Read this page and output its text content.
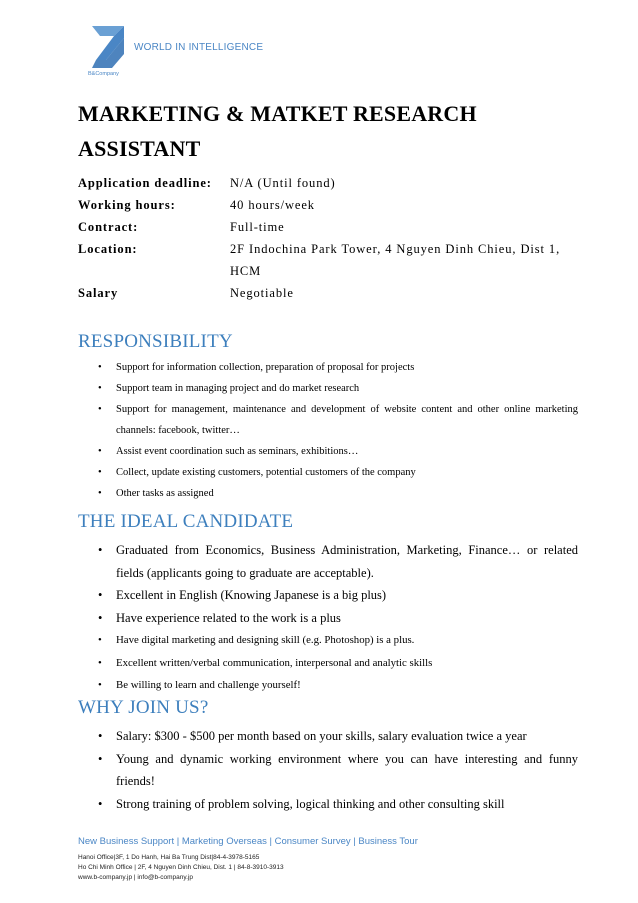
WORLD IN INTELLIGENCE
B&Company
MARKETING & MATKET RESEARCH ASSISTANT
Application deadline:	N/A (Until found)
Working hours:	40 hours/week
Contract:	Full-time
Location:	2F Indochina Park Tower, 4 Nguyen Dinh Chieu, Dist 1, HCM
Salary	Negotiable
RESPONSIBILITY
• Support for information collection, preparation of proposal for projects
• Support team in managing project and do market research
• Support for management, maintenance and development of website content and other online marketing channels: facebook, twitter…
• Assist event coordination such as seminars, exhibitions…
• Collect, update existing customers, potential customers of the company
• Other tasks as assigned
THE IDEAL CANDIDATE
• Graduated from Economics, Business Administration, Marketing, Finance… or related fields (applicants going to graduate are acceptable).
• Excellent in English (Knowing Japanese is a big plus)
• Have experience related to the work is a plus
• Have digital marketing and designing skill (e.g. Photoshop) is a plus.
• Excellent written/verbal communication, interpersonal and analytic skills
• Be willing to learn and challenge yourself!
WHY JOIN US?
• Salary: $300 - $500 per month based on your skills, salary evaluation twice a year
• Young and dynamic working environment where you can have interesting and funny friends!
• Strong training of problem solving, logical thinking and other consulting skill
New Business Support | Marketing Overseas | Consumer Survey | Business Tour
Hanoi Office|3F, 1 Do Hanh, Hai Ba Trung Dist|84-4-3978-5165
Ho Chi Minh Office | 2F, 4 Nguyen Dinh Chieu, Dist. 1 | 84-8-3910-3913
www.b-company.jp | info@b-company.jp
